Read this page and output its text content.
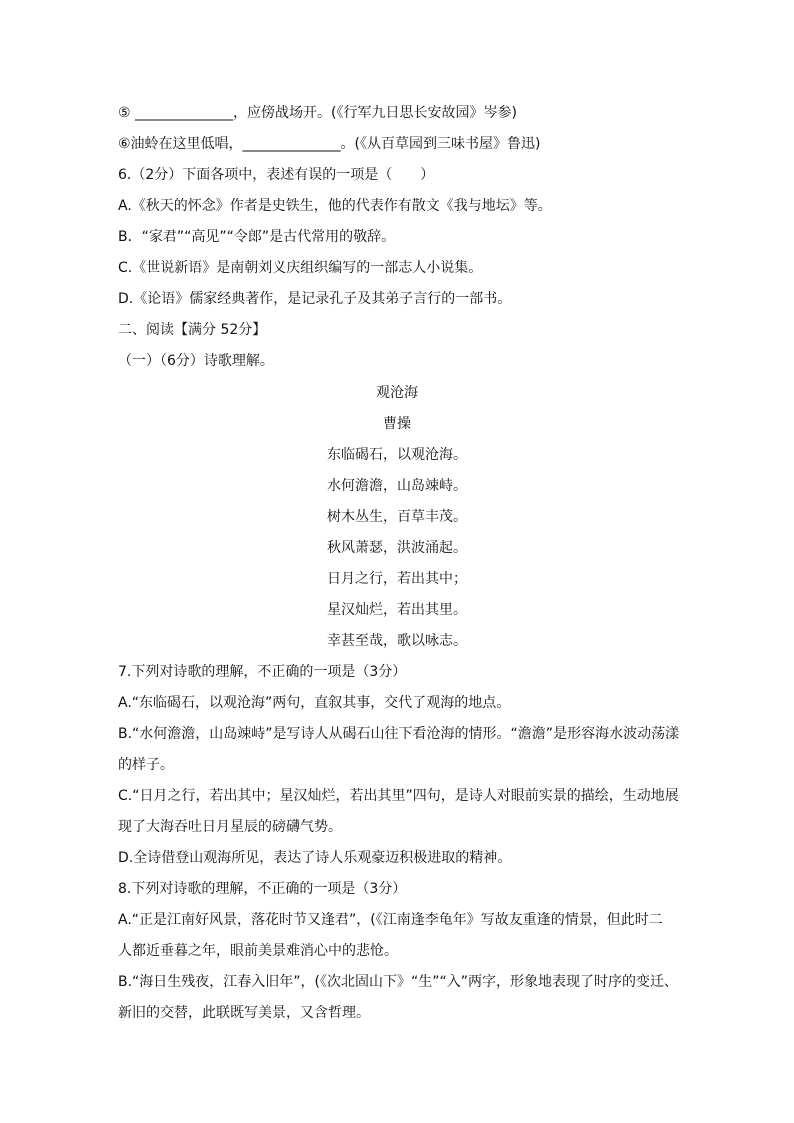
⑤ ______________，应傍战场开。(《行军九日思长安故园》岑参)
⑥油蛉在这里低唱，______________。(《从百草园到三味书屋》鲁迅)
6.（2分）下面各项中，表述有误的一项是（　　）
A.《秋天的怀念》作者是史铁生，他的代表作有散文《我与地坛》等。
B．“家君”“高见”“令郎”是古代常用的敬辞。
C.《世说新语》是南朝刘义庆组织编写的一部志人小说集。
D.《论语》儒家经典著作，是记录孔子及其弟子言行的一部书。
二、阅读【满分 52分】
（一）（6分）诗歌理解。
观沧海
曹操
东临碣石，以观沧海。
水何澹澹，山岛竦峙。
树木丛生，百草丰茂。
秋风萧瑟，洪波涌起。
日月之行，若出其中；
星汉灿烂，若出其里。
幸甚至哉，歌以咏志。
7.下列对诗歌的理解，不正确的一项是（3分）
A.“东临碣石，以观沧海”两句，直叙其事，交代了观海的地点。
B.“水何澹澹，山岛竦峙”是写诗人从碣石山往下看沧海的情形。“澹澹”是形容海水波动荡漾
的样子。
C.“日月之行，若出其中；星汉灿烂，若出其里”四句，是诗人对眼前实景的描绘，生动地展
现了大海吞吐日月星辰的磅礴气势。
D.全诗借登山观海所见，表达了诗人乐观豪迈积极进取的精神。
8.下列对诗歌的理解，不正确的一项是（3分）
A.“正是江南好风景，落花时节又逢君”，(《江南逢李龟年》写故友重逢的情景，但此时二
人都近垂暮之年，眼前美景难消心中的悲怆。
B.“海日生残夜，江春入旧年”，(《次北固山下》“生”“入”两字，形象地表现了时序的变迁、
新旧的交替，此联既写美景，又含哲理。
